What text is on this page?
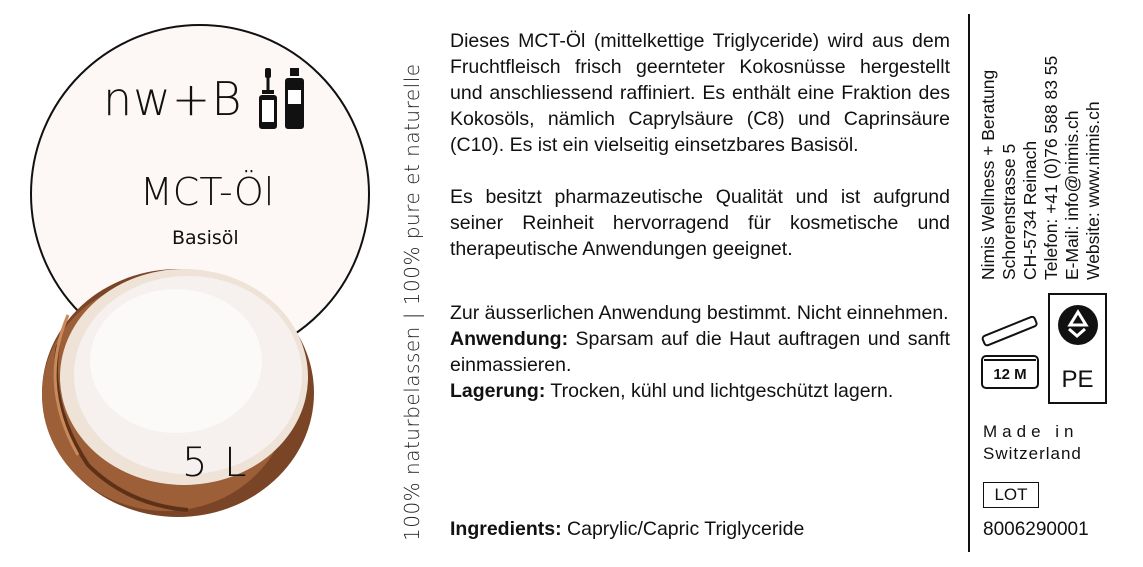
nw+B
MCT-Öl
Basisöl
5 L	100% naturbelassen | 100% pure et naturelle

Dieses MCT-Öl (mittelkettige Triglyceride) wird aus dem Fruchtfleisch frisch geernteter Kokosnüsse hergestellt und anschliessend raffiniert. Es enthält eine Fraktion des Kokosöls, nämlich Caprylsäure (C8) und Caprinsäure (C10). Es ist ein vielseitig einsetzbares Basisöl.

Es besitzt pharmazeutische Qualität und ist aufgrund seiner Reinheit hervorragend für kosmetische und therapeutische Anwendungen geeignet.

Zur äusserlichen Anwendung bestimmt. Nicht einnehmen.

Anwendung: Sparsam auf die Haut auftragen und sanft einmassieren.

Lagerung: Trocken, kühl und lichtgeschützt lagern.

Ingredients: Caprylic/Capric Triglyceride
Nimis Wellness + Beratung Schorenstrasse 5 CH-5734 Reinach Telefon: +41 (0)76 588 83 55 E-Mail: info@nimis.ch Website: www.nimis.ch
12 M	PE
Made in
Switzerland
LOT
8006290001
